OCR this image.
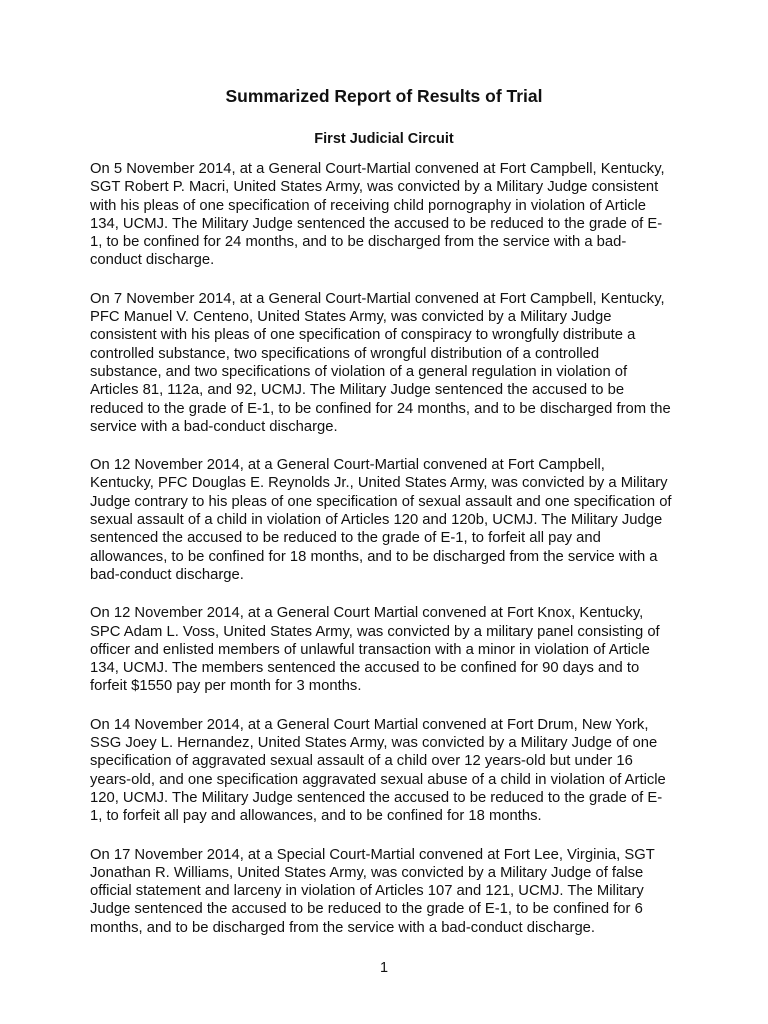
Summarized Report of Results of Trial
First Judicial Circuit

On 5 November 2014, at a General Court-Martial convened at Fort Campbell, Kentucky,
SGT Robert P. Macri, United States Army, was convicted by a Military Judge consistent
with his pleas of one specification of receiving child pornography in violation of Article
134, UCMJ. The Military Judge sentenced the accused to be reduced to the grade of E-
1, to be confined for 24 months, and to be discharged from the service with a bad-
conduct discharge.

On 7 November 2014, at a General Court-Martial convened at Fort Campbell, Kentucky,
PFC Manuel V. Centeno, United States Army, was convicted by a Military Judge
consistent with his pleas of one specification of conspiracy to wrongfully distribute a
controlled substance, two specifications of wrongful distribution of a controlled
substance, and two specifications of violation of a general regulation in violation of
Articles 81, 112a, and 92, UCMJ. The Military Judge sentenced the accused to be
reduced to the grade of E-1, to be confined for 24 months, and to be discharged from the
service with a bad-conduct discharge.

On 12 November 2014, at a General Court-Martial convened at Fort Campbell,
Kentucky, PFC Douglas E. Reynolds Jr., United States Army, was convicted by a Military
Judge contrary to his pleas of one specification of sexual assault and one specification of
sexual assault of a child in violation of Articles 120 and 120b, UCMJ. The Military Judge
sentenced the accused to be reduced to the grade of E-1, to forfeit all pay and
allowances, to be confined for 18 months, and to be discharged from the service with a
bad-conduct discharge.

On 12 November 2014, at a General Court Martial convened at Fort Knox, Kentucky,
SPC Adam L. Voss, United States Army, was convicted by a military panel consisting of
officer and enlisted members of unlawful transaction with a minor in violation of Article
134, UCMJ. The members sentenced the accused to be confined for 90 days and to
forfeit $1550 pay per month for 3 months.

On 14 November 2014, at a General Court Martial convened at Fort Drum, New York,
SSG Joey L. Hernandez, United States Army, was convicted by a Military Judge of one
specification of aggravated sexual assault of a child over 12 years-old but under 16
years-old, and one specification aggravated sexual abuse of a child in violation of Article
120, UCMJ. The Military Judge sentenced the accused to be reduced to the grade of E-
1, to forfeit all pay and allowances, and to be confined for 18 months.

On 17 November 2014, at a Special Court-Martial convened at Fort Lee, Virginia, SGT
Jonathan R. Williams, United States Army, was convicted by a Military Judge of false
official statement and larceny in violation of Articles 107 and 121, UCMJ. The Military
Judge sentenced the accused to be reduced to the grade of E-1, to be confined for 6
months, and to be discharged from the service with a bad-conduct discharge.

1
